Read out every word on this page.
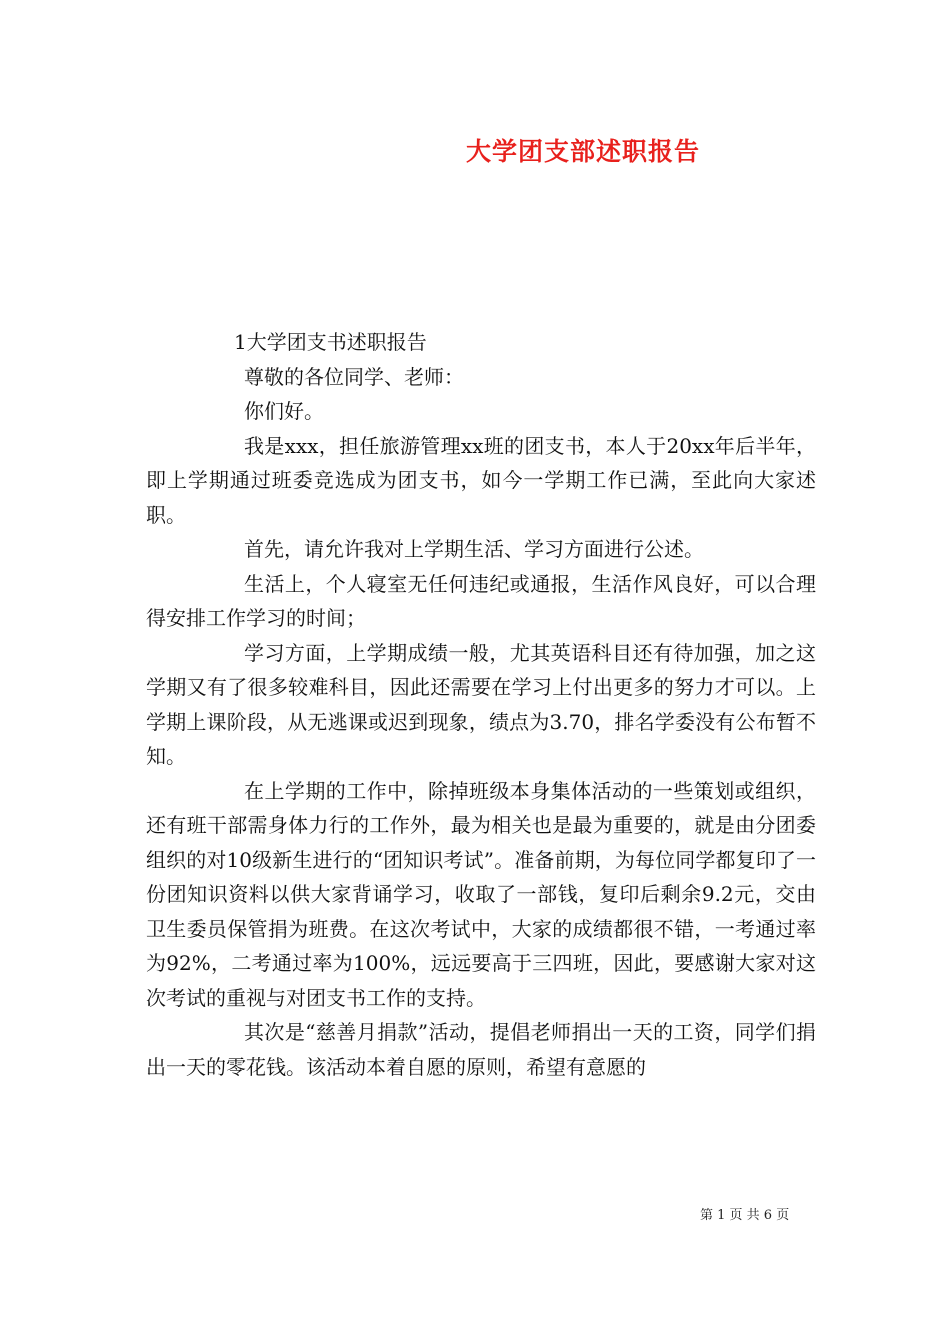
大学团支部述职报告

1大学团支书述职报告

尊敬的各位同学、老师：

你们好。

我是xxx，担任旅游管理xx班的团支书，本人于20xx年后半年，即上学期通过班委竞选成为团支书，如今一学期工作已满，至此向大家述职。

首先，请允许我对上学期生活、学习方面进行公述。

生活上，个人寝室无任何违纪或通报，生活作风良好，可以合理得安排工作学习的时间；

学习方面，上学期成绩一般，尤其英语科目还有待加强，加之这学期又有了很多较难科目，因此还需要在学习上付出更多的努力才可以。上学期上课阶段，从无逃课或迟到现象，绩点为3.70，排名学委没有公布暂不知。

在上学期的工作中，除掉班级本身集体活动的一些策划或组织，还有班干部需身体力行的工作外，最为相关也是最为重要的，就是由分团委组织的对10级新生进行的“团知识考试”。准备前期，为每位同学都复印了一份团知识资料以供大家背诵学习，收取了一部钱，复印后剩余9.2元，交由卫生委员保管捐为班费。在这次考试中，大家的成绩都很不错，一考通过率为92%，二考通过率为100%，远远要高于三四班，因此，要感谢大家对这次考试的重视与对团支书工作的支持。

其次是“慈善月捐款”活动，提倡老师捐出一天的工资，同学们捐出一天的零花钱。该活动本着自愿的原则，希望有意愿的

第 1 页 共 6 页
